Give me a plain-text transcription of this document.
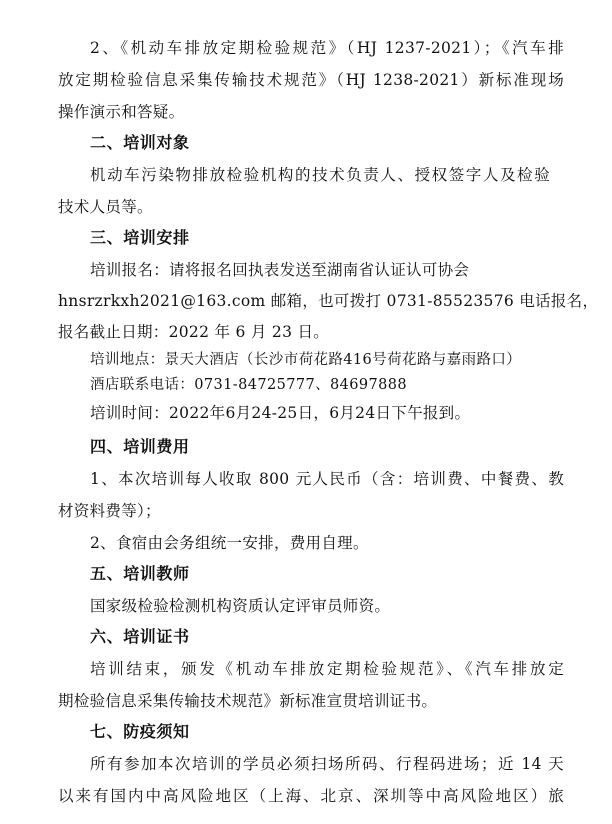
2、《机动车排放定期检验规范》（HJ 1237-2021）；《汽车排
放定期检验信息采集传输技术规范》（HJ 1238-2021）新标准现场
操作演示和答疑。
二、培训对象
机动车污染物排放检验机构的技术负责人、授权签字人及检验
技术人员等。
三、培训安排
培训报名：请将报名回执表发送至湖南省认证认可协会
hnsrzrkxh2021@163.com 邮箱，也可拨打 0731-85523576 电话报名，
报名截止日期：2022 年 6 月 23 日。
培训地点：景天大酒店（长沙市荷花路416号荷花路与嘉雨路口）
酒店联系电话：0731-84725777、84697888
培训时间：2022年6月24-25日，6月24日下午报到。
四、培训费用
1、本次培训每人收取 800 元人民币（含：培训费、中餐费、教
材资料费等）；
2、食宿由会务组统一安排，费用自理。
五、培训教师
国家级检验检测机构资质认定评审员师资。
六、培训证书
培训结束，颁发《机动车排放定期检验规范》、《汽车排放定
期检验信息采集传输技术规范》新标准宣贯培训证书。
七、防疫须知
所有参加本次培训的学员必须扫场所码、行程码进场；近 14 天
以来有国内中高风险地区（上海、北京、深圳等中高风险地区）旅
